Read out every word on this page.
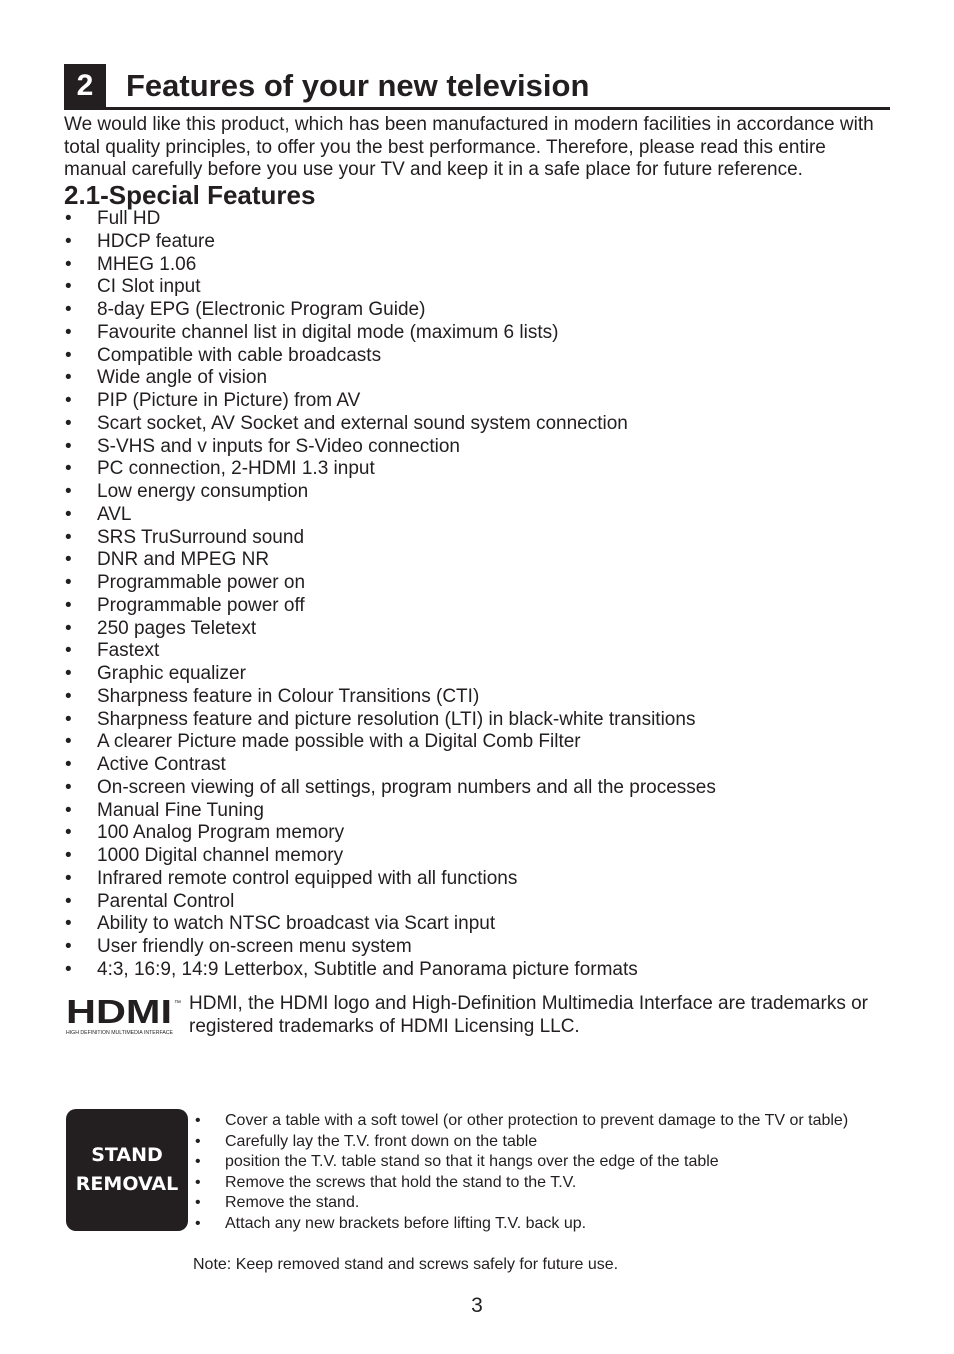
2	Features of your new television

We would like this product, which has been manufactured in modern facilities in accordance with total quality principles, to offer you the best performance. Therefore, please read this entire manual carefully before you use your TV and keep it in a safe place for future reference.

2.1-Special Features
• Full HD
• HDCP feature
• MHEG 1.06
• CI Slot input
• 8-day EPG (Electronic Program Guide)
• Favourite channel list in digital mode (maximum 6 lists)
• Compatible with cable broadcasts
• Wide angle of vision
• PIP (Picture in Picture) from AV
• Scart socket, AV Socket and external sound system connection
• S-VHS and v inputs for S-Video connection
• PC connection, 2-HDMI 1.3 input
• Low energy consumption
• AVL
• SRS TruSurround sound
• DNR and MPEG NR
• Programmable power on
• Programmable power off
• 250 pages Teletext
• Fastext
• Graphic equalizer
• Sharpness feature in Colour Transitions (CTI)
• Sharpness feature and picture resolution (LTI) in black-white transitions
• A clearer Picture made possible with a Digital Comb Filter
• Active Contrast
• On-screen viewing of all settings, program numbers and all the processes
• Manual Fine Tuning
• 100 Analog Program memory
• 1000 Digital channel memory
• Infrared remote control equipped with all functions
• Parental Control
• Ability to watch NTSC broadcast via Scart input
• User friendly on-screen menu system
• 4:3, 16:9, 14:9 Letterbox, Subtitle and Panorama picture formats
HDMI ™
HIGH DEFINITION MULTIMEDIA INTERFACE

HDMI, the HDMI logo and High-Definition Multimedia Interface are trademarks or registered trademarks of HDMI Licensing LLC.

STAND
REMOVAL
• Cover a table with a soft towel (or other protection to prevent damage to the TV or table)
• Carefully lay the T.V. front down on the table
• position the T.V. table stand so that it hangs over the edge of the table
• Remove the screws that hold the stand to the T.V.
• Remove the stand.
• Attach any new brackets before lifting T.V. back up.

Note: Keep removed stand and screws safely for future use.

3
